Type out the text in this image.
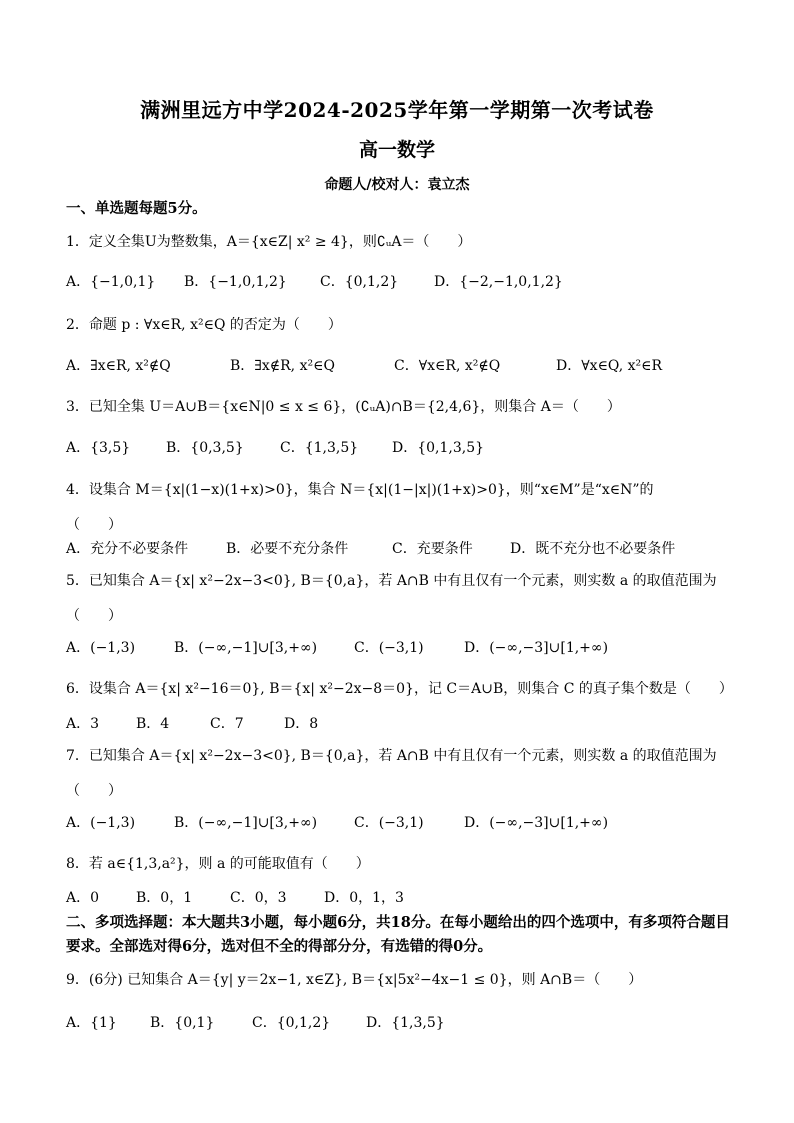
满洲里远方中学2024-2025学年第一学期第一次考试卷
高一数学
命题人/校对人：袁立杰
一、单选题每题5分。
1．定义全集U为整数集，A＝{x∈Z| x² ≥ 4}，则∁ᵤA＝（　　）
A．{−1,0,1} B．{−1,0,1,2} C．{0,1,2}	D．{−2,−1,0,1,2}
2．命题 p : ∀x∈R, x²∈Q 的否定为（　　）
A．∃x∈R, x²∉Q	B．∃x∉R, x²∈Q	C．∀x∈R, x²∉Q	D．∀x∈Q, x²∈R
3．已知全集 U＝A∪B＝{x∈N|0 ≤ x ≤ 6}，(∁ᵤA)∩B＝{2,4,6}，则集合 A＝（　　）
A．{3,5}	B．{0,3,5}	C．{1,3,5} D．{0,1,3,5}
4．设集合 M＝{x|(1−x)(1+x)>0}，集合 N＝{x|(1−|x|)(1+x)>0}，则“x∈M”是“x∈N”的
（　　）
A．充分不必要条件	B．必要不充分条件	C．充要条件	D．既不充分也不必要条件
5．已知集合 A＝{x| x²−2x−3<0}, B＝{0,a}，若 A∩B 中有且仅有一个元素，则实数 a 的取值范围为
（　　）
A．(−1,3)	B．(−∞,−1]∪[3,+∞)	C．(−3,1)	D．(−∞,−3]∪[1,+∞)
6．设集合 A＝{x| x²−16＝0}, B＝{x| x²−2x−8＝0}，记 C＝A∪B，则集合 C 的真子集个数是（　　）
A．3	B．4	C．7	D．8
7．已知集合 A＝{x| x²−2x−3<0}, B＝{0,a}，若 A∩B 中有且仅有一个元素，则实数 a 的取值范围为
（　　）
A．(−1,3)	B．(−∞,−1]∪[3,+∞)	C．(−3,1)	D．(−∞,−3]∪[1,+∞)
8．若 a∈{1,3,a²}，则 a 的可能取值有（　　）
A．0	B．0，1	C．0，3	D．0，1，3
二、多项选择题：本大题共3小题，每小题6分，共18分。在每小题给出的四个选项中，有多项符合题目要求。全部选对得6分，选对但不全的得部分分，有选错的得0分。
9．(6分) 已知集合 A＝{y| y＝2x−1, x∈Z}, B＝{x|5x²−4x−1 ≤ 0}，则 A∩B＝（　　）
A．{1} B．{0,1}	C．{0,1,2}	D．{1,3,5}
